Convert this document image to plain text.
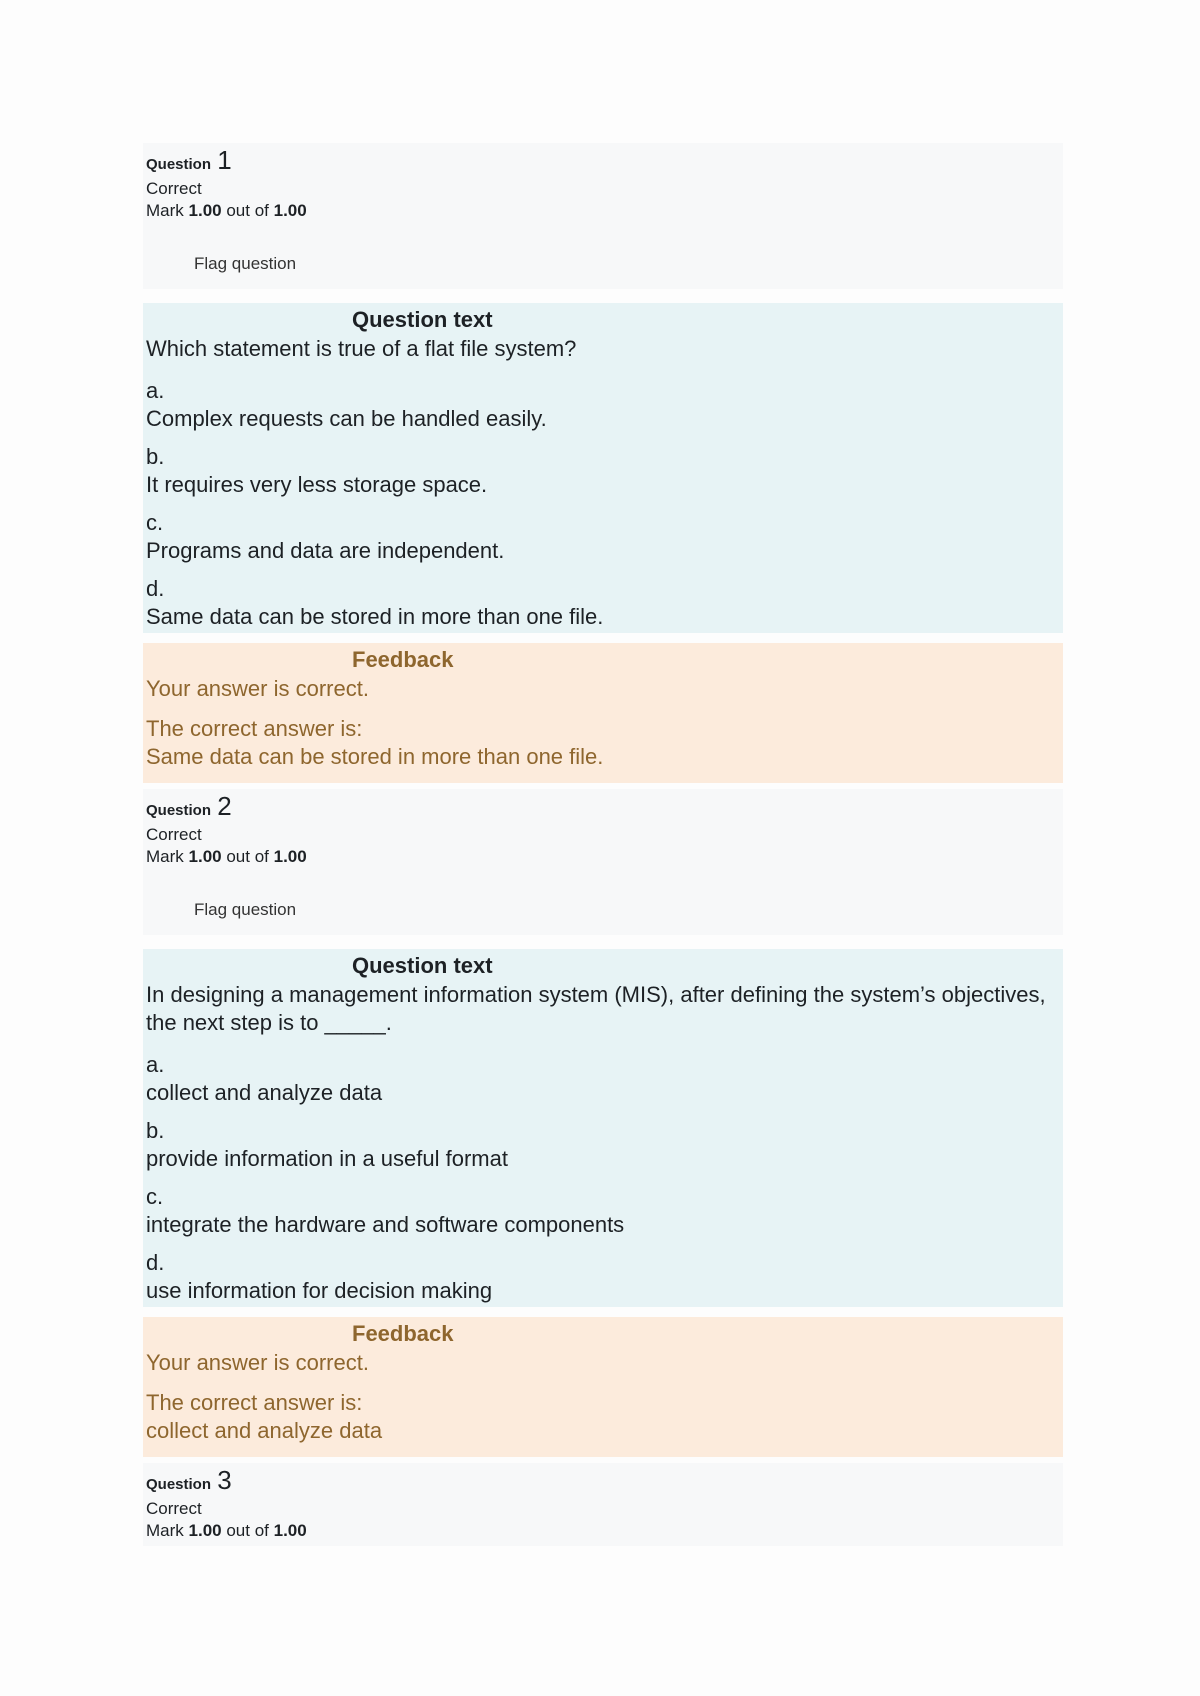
Question 1
Correct
Mark 1.00 out of 1.00
Flag question
Question text
Which statement is true of a flat file system?
a.
Complex requests can be handled easily.
b.
It requires very less storage space.
c.
Programs and data are independent.
d.
Same data can be stored in more than one file.
Feedback
Your answer is correct.
The correct answer is:
Same data can be stored in more than one file.
Question 2
Correct
Mark 1.00 out of 1.00
Flag question
Question text
In designing a management information system (MIS), after defining the system’s objectives, the next step is to _____.
a.
collect and analyze data
b.
provide information in a useful format
c.
integrate the hardware and software components
d.
use information for decision making
Feedback
Your answer is correct.
The correct answer is:
collect and analyze data
Question 3
Correct
Mark 1.00 out of 1.00
